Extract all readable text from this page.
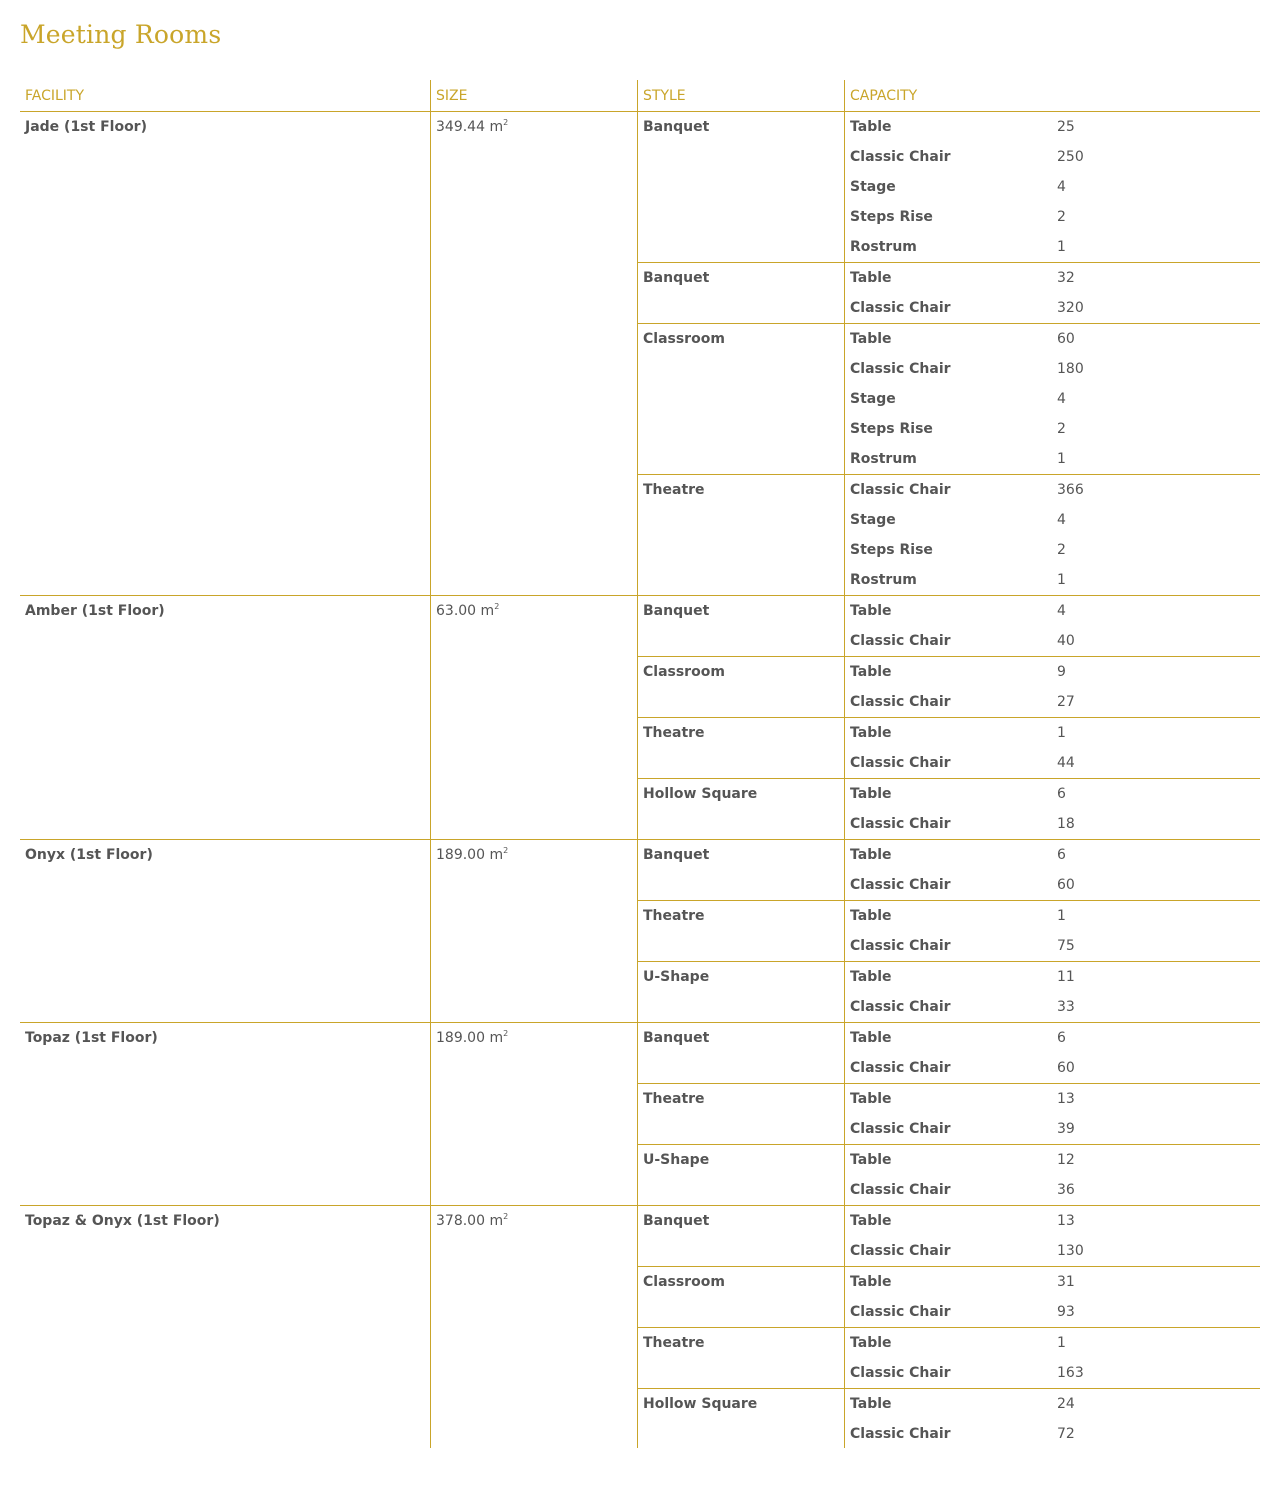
Meeting Rooms
FACILITY	SIZE	STYLE	CAPACITY
Jade (1st Floor)	349.44 $m^2$	Banquet	Table	25
Classic Chair	250
Stage	4
Steps Rise	2
Rostrum	1
Banquet	Table	32
Classic Chair	320
Classroom	Table	60
Classic Chair	180
Stage	4
Steps Rise	2
Rostrum	1
Theatre	Classic Chair	366
Stage	4
Steps Rise	2
Rostrum	1
Amber (1st Floor)	63.00 $m^2$	Banquet	Table	4
Classic Chair	40
Classroom	Table	9
Classic Chair	27
Theatre	Table	1
Classic Chair	44
Hollow Square	Table	6
Classic Chair	18
Onyx (1st Floor)	189.00 $m^2$	Banquet	Table	6
Classic Chair	60
Theatre	Table	1
Classic Chair	75
U-Shape	Table	11
Classic Chair	33
Topaz (1st Floor)	189.00 $m^2$	Banquet	Table	6
Classic Chair	60
Theatre	Table	13
Classic Chair	39
U-Shape	Table	12
Classic Chair	36
Topaz & Onyx (1st Floor)	378.00 $m^2$	Banquet	Table	13
Classic Chair	130
Classroom	Table	31
Classic Chair	93
Theatre	Table	1
Classic Chair	163
Hollow Square	Table	24
Classic Chair	72
